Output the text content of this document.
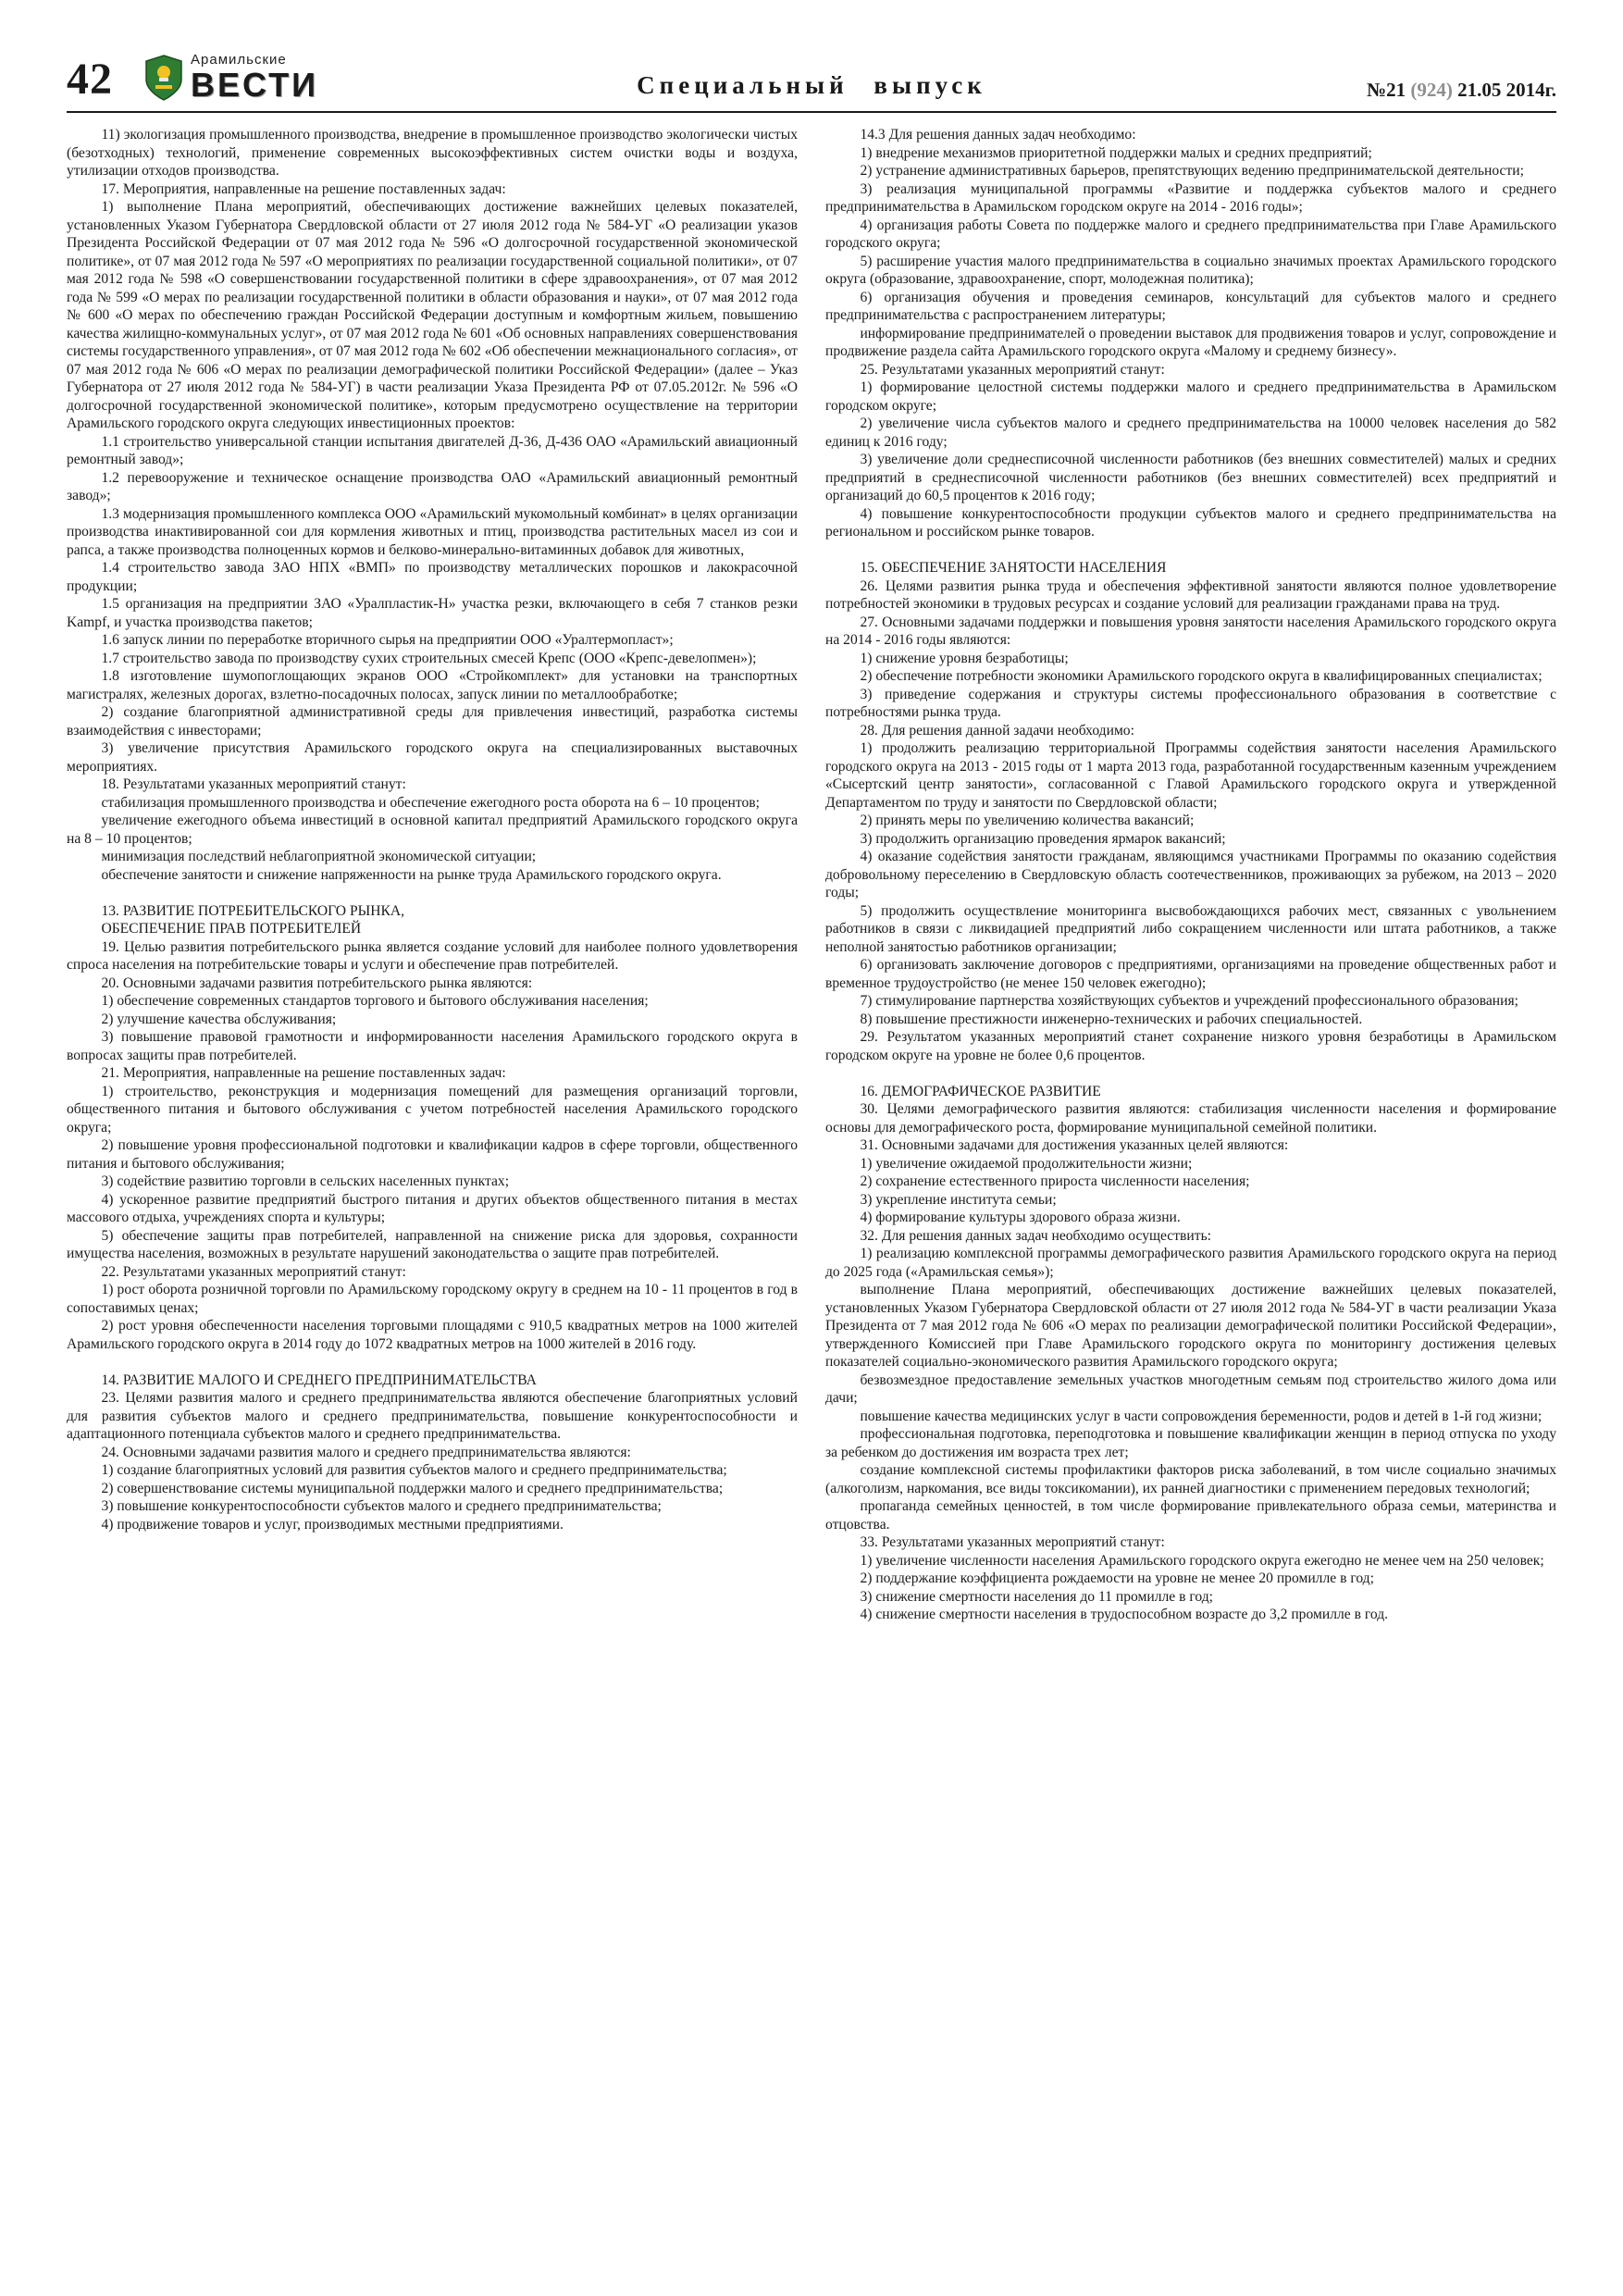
42	Арамильские
ВЕСТИ	Специальный выпуск	№21 (924) 21.05 2014г.

11) экологизация промышленного производства, внедрение в промышленное производство экологически чистых (безотходных) технологий, применение современных высокоэффективных систем очистки воды и воздуха, утилизации отходов производства.

17. Мероприятия, направленные на решение поставленных задач:

1) выполнение Плана мероприятий, обеспечивающих достижение важнейших целевых показателей, установленных Указом Губернатора Свердловской области от 27 июля 2012 года № 584-УГ «О реализации указов Президента Российской Федерации от 07 мая 2012 года № 596 «О долгосрочной государственной экономической политике», от 07 мая 2012 года № 597 «О мероприятиях по реализации государственной социальной политики», от 07 мая 2012 года № 598 «О совершенствовании государственной политики в сфере здравоохранения», от 07 мая 2012 года № 599 «О мерах по реализации государственной политики в области образования и науки», от 07 мая 2012 года № 600 «О мерах по обеспечению граждан Российской Федерации доступным и комфортным жильем, повышению качества жилищно-коммунальных услуг», от 07 мая 2012 года № 601 «Об основных направлениях совершенствования системы государственного управления», от 07 мая 2012 года № 602 «Об обеспечении межнационального согласия», от 07 мая 2012 года № 606 «О мерах по реализации демографической политики Российской Федерации» (далее – Указ Губернатора от 27 июля 2012 года № 584-УГ) в части реализации Указа Президента РФ от 07.05.2012г. № 596 «О долгосрочной государственной экономической политике», которым предусмотрено осуществление на территории Арамильского городского округа следующих инвестиционных проектов:

1.1 строительство универсальной станции испытания двигателей Д-36, Д-436 ОАО «Арамильский авиационный ремонтный завод»;

1.2 перевооружение и техническое оснащение производства ОАО «Арамильский авиационный ремонтный завод»;

1.3 модернизация промышленного комплекса ООО «Арамильский мукомольный комбинат» в целях организации производства инактивированной сои для кормления животных и птиц, производства растительных масел из сои и рапса, а также производства полноценных кормов и белково-минерально-витаминных добавок для животных,

1.4 строительство завода ЗАО НПХ «ВМП» по производству металлических порошков и лакокрасочной продукции;

1.5 организация на предприятии ЗАО «Уралпластик-Н» участка резки, включающего в себя 7 станков резки Kampf, и участка производства пакетов;

1.6 запуск линии по переработке вторичного сырья на предприятии ООО «Уралтермопласт»;

1.7 строительство завода по производству сухих строительных смесей Крепс (ООО «Крепс-девелопмен»);

1.8 изготовление шумопоглощающих экранов ООО «Стройкомплект» для установки на транспортных магистралях, железных дорогах, взлетно-посадочных полосах, запуск линии по металлообработке;

2) создание благоприятной административной среды для привлечения инвестиций, разработка системы взаимодействия с инвесторами;

3) увеличение присутствия Арамильского городского округа на специализированных выставочных мероприятиях.

18. Результатами указанных мероприятий станут:

стабилизация промышленного производства и обеспечение ежегодного роста оборота на 6 – 10 процентов;

увеличение ежегодного объема инвестиций в основной капитал предприятий Арамильского городского округа на 8 – 10 процентов;

минимизация последствий неблагоприятной экономической ситуации;

обеспечение занятости и снижение напряженности на рынке труда Арамильского городского округа.

13. РАЗВИТИЕ ПОТРЕБИТЕЛЬСКОГО РЫНКА,

ОБЕСПЕЧЕНИЕ ПРАВ ПОТРЕБИТЕЛЕЙ

19. Целью развития потребительского рынка является создание условий для наиболее полного удовлетворения спроса населения на потребительские товары и услуги и обеспечение прав потребителей.

20. Основными задачами развития потребительского рынка являются:

1) обеспечение современных стандартов торгового и бытового обслуживания населения;

2) улучшение качества обслуживания;

3) повышение правовой грамотности и информированности населения Арамильского городского округа в вопросах защиты прав потребителей.

21. Мероприятия, направленные на решение поставленных задач:

1) строительство, реконструкция и модернизация помещений для размещения организаций торговли, общественного питания и бытового обслуживания с учетом потребностей населения Арамильского городского округа;

2) повышение уровня профессиональной подготовки и квалификации кадров в сфере торговли, общественного питания и бытового обслуживания;

3) содействие развитию торговли в сельских населенных пунктах;

4) ускоренное развитие предприятий быстрого питания и других объектов общественного питания в местах массового отдыха, учреждениях спорта и культуры;

5) обеспечение защиты прав потребителей, направленной на снижение риска для здоровья, сохранности имущества населения, возможных в результате нарушений законодательства о защите прав потребителей.

22. Результатами указанных мероприятий станут:

1) рост оборота розничной торговли по Арамильскому городскому округу в среднем на 10 - 11 процентов в год в сопоставимых ценах;

2) рост уровня обеспеченности населения торговыми площадями с 910,5 квадратных метров на 1000 жителей Арамильского городского округа в 2014 году до 1072 квадратных метров на 1000 жителей в 2016 году.

14. РАЗВИТИЕ МАЛОГО И СРЕДНЕГО ПРЕДПРИНИМАТЕЛЬСТВА

23. Целями развития малого и среднего предпринимательства являются обеспечение благоприятных условий для развития субъектов малого и среднего предпринимательства, повышение конкурентоспособности и адаптационного потенциала субъектов малого и среднего предпринимательства.

24. Основными задачами развития малого и среднего предпринимательства являются:

1) создание благоприятных условий для развития субъектов малого и среднего предпринимательства;

2) совершенствование системы муниципальной поддержки малого и среднего предпринимательства;

3) повышение конкурентоспособности субъектов малого и среднего предпринимательства;

4) продвижение товаров и услуг, производимых местными предприятиями.

14.3 Для решения данных задач необходимо:

1) внедрение механизмов приоритетной поддержки малых и средних предприятий;

2) устранение административных барьеров, препятствующих ведению предпринимательской деятельности;

3) реализация муниципальной программы «Развитие и поддержка субъектов малого и среднего предпринимательства в Арамильском городском округе на 2014 - 2016 годы»;

4) организация работы Совета по поддержке малого и среднего предпринимательства при Главе Арамильского городского округа;

5) расширение участия малого предпринимательства в социально значимых проектах Арамильского городского округа (образование, здравоохранение, спорт, молодежная политика);

6) организация обучения и проведения семинаров, консультаций для субъектов малого и среднего предпринимательства с распространением литературы;

информирование предпринимателей о проведении выставок для продвижения товаров и услуг, сопровождение и продвижение раздела сайта Арамильского городского округа «Малому и среднему бизнесу».

25. Результатами указанных мероприятий станут:

1) формирование целостной системы поддержки малого и среднего предпринимательства в Арамильском городском округе;

2) увеличение числа субъектов малого и среднего предпринимательства на 10000 человек населения до 582 единиц к 2016 году;

3) увеличение доли среднесписочной численности работников (без внешних совместителей) малых и средних предприятий в среднесписочной численности работников (без внешних совместителей) всех предприятий и организаций до 60,5 процентов к 2016 году;

4) повышение конкурентоспособности продукции субъектов малого и среднего предпринимательства на региональном и российском рынке товаров.

15. ОБЕСПЕЧЕНИЕ ЗАНЯТОСТИ НАСЕЛЕНИЯ

26. Целями развития рынка труда и обеспечения эффективной занятости являются полное удовлетворение потребностей экономики в трудовых ресурсах и создание условий для реализации гражданами права на труд.

27. Основными задачами поддержки и повышения уровня занятости населения Арамильского городского округа на 2014 - 2016 годы являются:

1) снижение уровня безработицы;

2) обеспечение потребности экономики Арамильского городского округа в квалифицированных специалистах;

3) приведение содержания и структуры системы профессионального образования в соответствие с потребностями рынка труда.

28. Для решения данной задачи необходимо:

1) продолжить реализацию территориальной Программы содействия занятости населения Арамильского городского округа на 2013 - 2015 годы от 1 марта 2013 года, разработанной государственным казенным учреждением «Сысертский центр занятости», согласованной с Главой Арамильского городского округа и утвержденной Департаментом по труду и занятости по Свердловской области;

2) принять меры по увеличению количества вакансий;

3) продолжить организацию проведения ярмарок вакансий;

4) оказание содействия занятости гражданам, являющимся участниками Программы по оказанию содействия добровольному переселению в Свердловскую область соотечественников, проживающих за рубежом, на 2013 – 2020 годы;

5) продолжить осуществление мониторинга высвобождающихся рабочих мест, связанных с увольнением работников в связи с ликвидацией предприятий либо сокращением численности или штата работников, а также неполной занятостью работников организации;

6) организовать заключение договоров с предприятиями, организациями на проведение общественных работ и временное трудоустройство (не менее 150 человек ежегодно);

7) стимулирование партнерства хозяйствующих субъектов и учреждений профессионального образования;

8) повышение престижности инженерно-технических и рабочих специальностей.

29. Результатом указанных мероприятий станет сохранение низкого уровня безработицы в Арамильском городском округе на уровне не более 0,6 процентов.

16. ДЕМОГРАФИЧЕСКОЕ РАЗВИТИЕ

30. Целями демографического развития являются: стабилизация численности населения и формирование основы для демографического роста, формирование муниципальной семейной политики.

31. Основными задачами для достижения указанных целей являются:

1) увеличение ожидаемой продолжительности жизни;

2) сохранение естественного прироста численности населения;

3) укрепление института семьи;

4) формирование культуры здорового образа жизни.

32. Для решения данных задач необходимо осуществить:

1) реализацию комплексной программы демографического развития Арамильского городского округа на период до 2025 года («Арамильская семья»);

выполнение Плана мероприятий, обеспечивающих достижение важнейших целевых показателей, установленных Указом Губернатора Свердловской области от 27 июля 2012 года № 584-УГ в части реализации Указа Президента от 7 мая 2012 года № 606 «О мерах по реализации демографической политики Российской Федерации», утвержденного Комиссией при Главе Арамильского городского округа по мониторингу достижения целевых показателей социально-экономического развития Арамильского городского округа;

безвозмездное предоставление земельных участков многодетным семьям под строительство жилого дома или дачи;

повышение качества медицинских услуг в части сопровождения беременности, родов и детей в 1-й год жизни;

профессиональная подготовка, переподготовка и повышение квалификации женщин в период отпуска по уходу за ребенком до достижения им возраста трех лет;

создание комплексной системы профилактики факторов риска заболеваний, в том числе социально значимых (алкоголизм, наркомания, все виды токсикомании), их ранней диагностики с применением передовых технологий;

пропаганда семейных ценностей, в том числе формирование привлекательного образа семьи, материнства и отцовства.

33. Результатами указанных мероприятий станут:

1) увеличение численности населения Арамильского городского округа ежегодно не менее чем на 250 человек;

2) поддержание коэффициента рождаемости на уровне не менее 20 промилле в год;

3) снижение смертности населения до 11 промилле в год;

4) снижение смертности населения в трудоспособном возрасте до 3,2 промилле в год.
